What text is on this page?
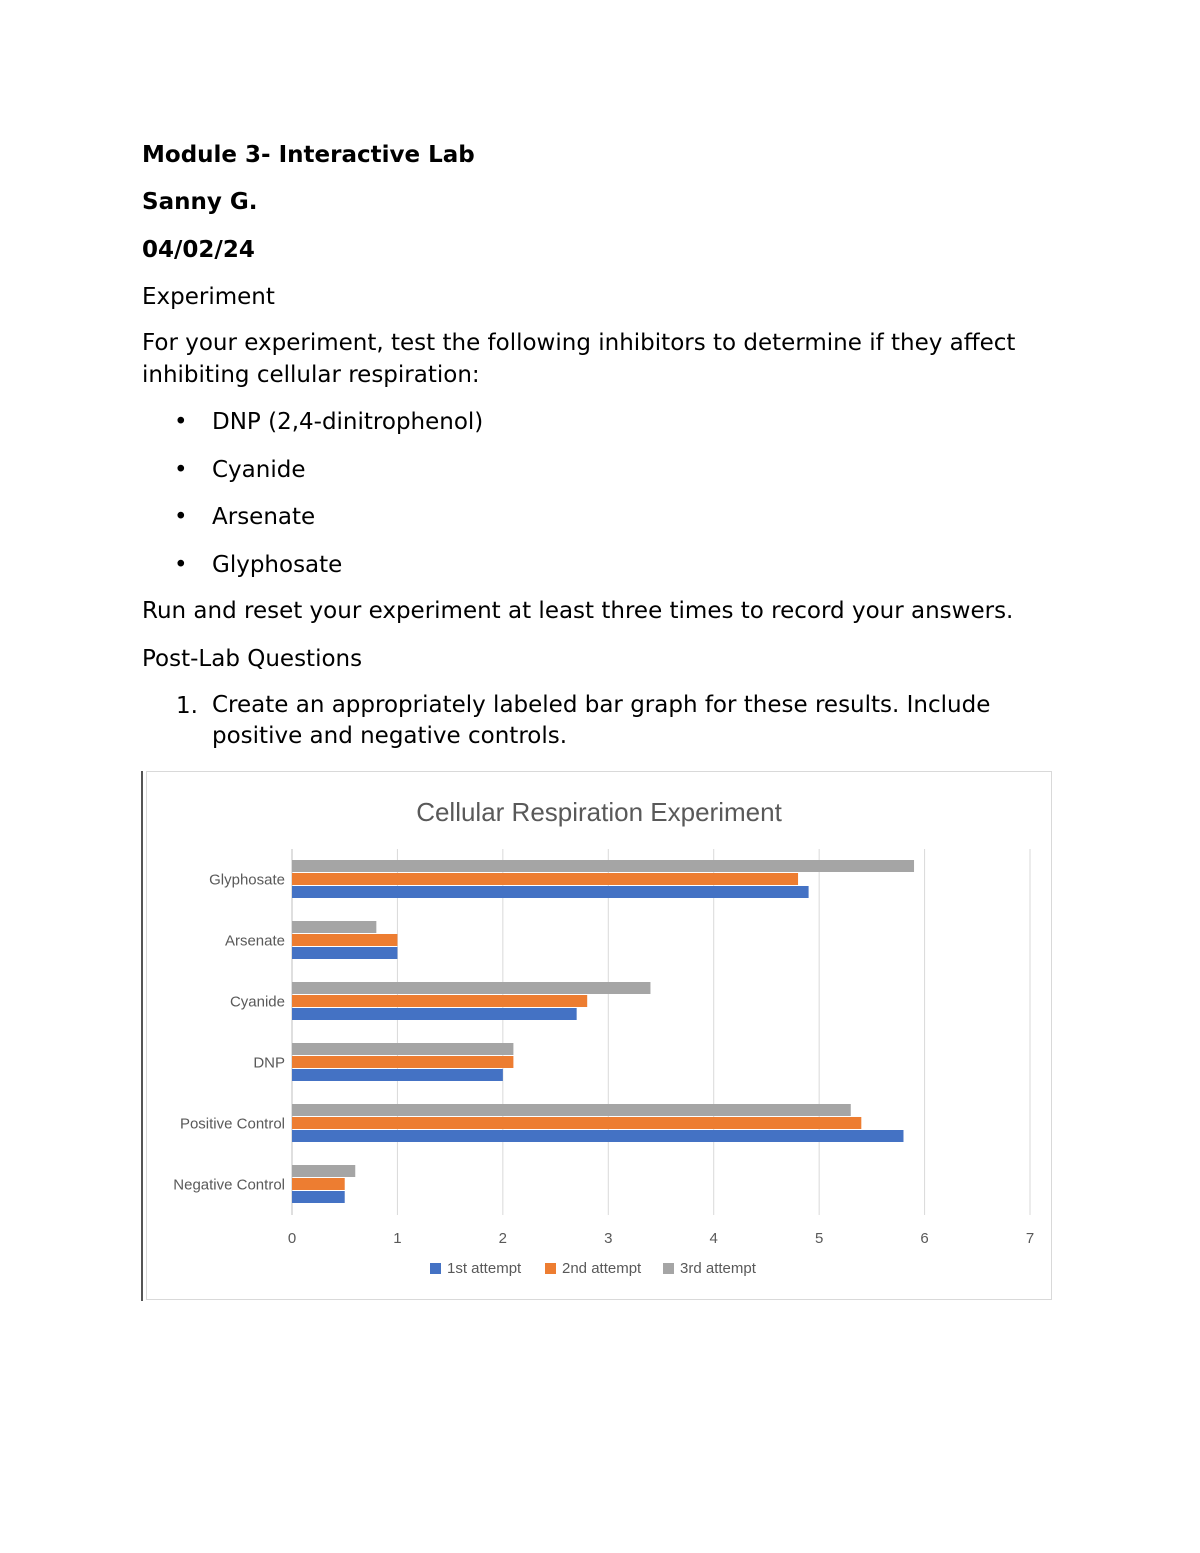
Module 3- Interactive Lab

Sanny G.

04/02/24

Experiment

For your experiment, test the following inhibitors to determine if they affect

inhibiting cellular respiration:

• DNP (2,4-dinitrophenol)
• Cyanide
• Arsenate
• Glyphosate

Run and reset your experiment at least three times to record your answers.

Post-Lab Questions

1. Create an appropriately labeled bar graph for these results. Include
positive and negative controls.
Cellular Respiration Experiment
0	1	2	3	4	5	6	7
Glyphosate
Arsenate
Cyanide
DNP
Positive Control
Negative Control
1st attempt	2nd attempt	3rd attempt
